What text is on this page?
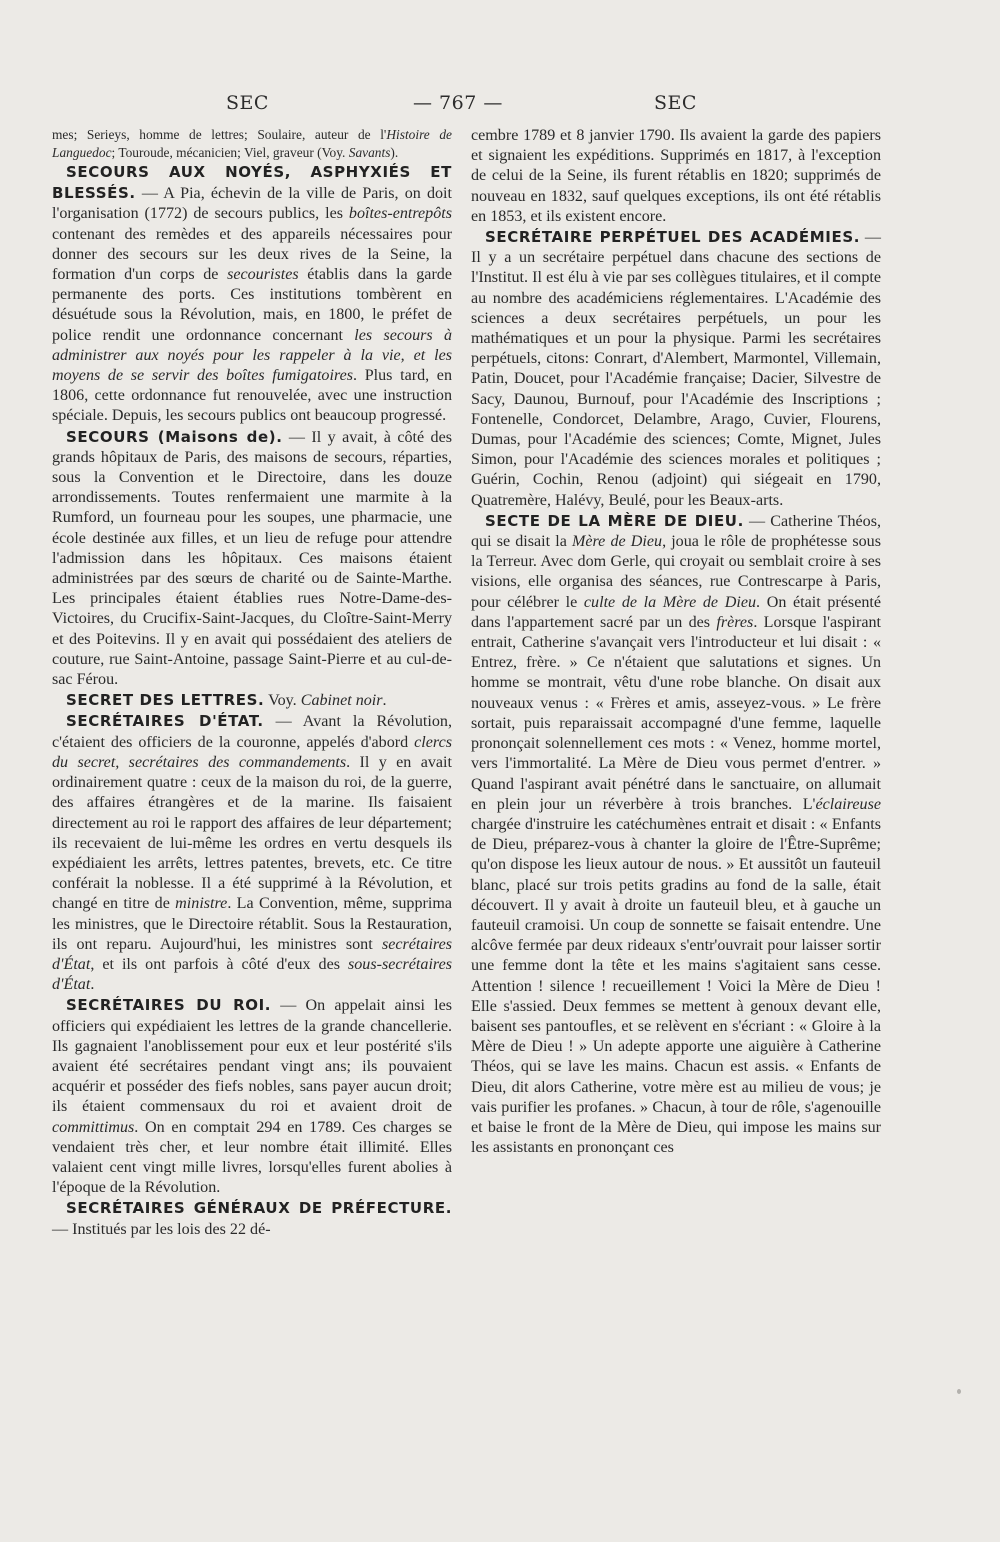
SEC	— 767 —	SEC

mes; Serieys, homme de lettres; Soulaire, auteur de l'Histoire de Languedoc; Touroude, mécanicien; Viel, graveur (Voy. Savants).

SECOURS AUX NOYÉS, ASPHYXIÉS ET BLESSÉS. — A Pia, échevin de la ville de Paris, on doit l'organisation (1772) de secours publics, les boîtes-entrepôts contenant des remèdes et des appareils nécessaires pour donner des secours sur les deux rives de la Seine, la formation d'un corps de secouristes établis dans la garde permanente des ports. Ces institutions tombèrent en désuétude sous la Révolution, mais, en 1800, le préfet de police rendit une ordonnance concernant les secours à administrer aux noyés pour les rappeler à la vie, et les moyens de se servir des boîtes fumigatoires. Plus tard, en 1806, cette ordonnance fut renouvelée, avec une instruction spéciale. Depuis, les secours publics ont beaucoup progressé.

SECOURS (Maisons de). — Il y avait, à côté des grands hôpitaux de Paris, des maisons de secours, réparties, sous la Convention et le Directoire, dans les douze arrondissements. Toutes renfermaient une marmite à la Rumford, un fourneau pour les soupes, une pharmacie, une école destinée aux filles, et un lieu de refuge pour attendre l'admission dans les hôpitaux. Ces maisons étaient administrées par des sœurs de charité ou de Sainte-Marthe. Les principales étaient établies rues Notre-Dame-des-Victoires, du Crucifix-Saint-Jacques, du Cloître-Saint-Merry et des Poitevins. Il y en avait qui possédaient des ateliers de couture, rue Saint-Antoine, passage Saint-Pierre et au cul-de-sac Férou.

SECRET DES LETTRES. Voy. Cabinet noir.

SECRÉTAIRES D'ÉTAT. — Avant la Révolution, c'étaient des officiers de la couronne, appelés d'abord clercs du secret, secrétaires des commandements. Il y en avait ordinairement quatre : ceux de la maison du roi, de la guerre, des affaires étrangères et de la marine. Ils faisaient directement au roi le rapport des affaires de leur département; ils recevaient de lui-même les ordres en vertu desquels ils expédiaient les arrêts, lettres patentes, brevets, etc. Ce titre conférait la noblesse. Il a été supprimé à la Révolution, et changé en titre de ministre. La Convention, même, supprima les ministres, que le Directoire rétablit. Sous la Restauration, ils ont reparu. Aujourd'hui, les ministres sont secrétaires d'État, et ils ont parfois à côté d'eux des sous-secrétaires d'État.

SECRÉTAIRES DU ROI. — On appelait ainsi les officiers qui expédiaient les lettres de la grande chancellerie. Ils gagnaient l'anoblissement pour eux et leur postérité s'ils avaient été secrétaires pendant vingt ans; ils pouvaient acquérir et posséder des fiefs nobles, sans payer aucun droit; ils étaient commensaux du roi et avaient droit de committimus. On en comptait 294 en 1789. Ces charges se vendaient très cher, et leur nombre était illimité. Elles valaient cent vingt mille livres, lorsqu'elles furent abolies à l'époque de la Révolution.

SECRÉTAIRES GÉNÉRAUX DE PRÉFECTURE. — Institués par les lois des 22 dé-

cembre 1789 et 8 janvier 1790. Ils avaient la garde des papiers et signaient les expéditions. Supprimés en 1817, à l'exception de celui de la Seine, ils furent rétablis en 1820; supprimés de nouveau en 1832, sauf quelques exceptions, ils ont été rétablis en 1853, et ils existent encore.

SECRÉTAIRE PERPÉTUEL DES ACADÉMIES. — Il y a un secrétaire perpétuel dans chacune des sections de l'Institut. Il est élu à vie par ses collègues titulaires, et il compte au nombre des académiciens réglementaires. L'Académie des sciences a deux secrétaires perpétuels, un pour les mathématiques et un pour la physique. Parmi les secrétaires perpétuels, citons: Conrart, d'Alembert, Marmontel, Villemain, Patin, Doucet, pour l'Académie française; Dacier, Silvestre de Sacy, Daunou, Burnouf, pour l'Académie des Inscriptions ; Fontenelle, Condorcet, Delambre, Arago, Cuvier, Flourens, Dumas, pour l'Académie des sciences; Comte, Mignet, Jules Simon, pour l'Académie des sciences morales et politiques ; Guérin, Cochin, Renou (adjoint) qui siégeait en 1790, Quatremère, Halévy, Beulé, pour les Beaux-arts.

SECTE DE LA MÈRE DE DIEU. — Catherine Théos, qui se disait la Mère de Dieu, joua le rôle de prophétesse sous la Terreur. Avec dom Gerle, qui croyait ou semblait croire à ses visions, elle organisa des séances, rue Contrescarpe à Paris, pour célébrer le culte de la Mère de Dieu. On était présenté dans l'appartement sacré par un des frères. Lorsque l'aspirant entrait, Catherine s'avançait vers l'introducteur et lui disait : « Entrez, frère. » Ce n'étaient que salutations et signes. Un homme se montrait, vêtu d'une robe blanche. On disait aux nouveaux venus : « Frères et amis, asseyez-vous. » Le frère sortait, puis reparaissait accompagné d'une femme, laquelle prononçait solennellement ces mots : « Venez, homme mortel, vers l'immortalité. La Mère de Dieu vous permet d'entrer. » Quand l'aspirant avait pénétré dans le sanctuaire, on allumait en plein jour un réverbère à trois branches. L'éclaireuse chargée d'instruire les catéchumènes entrait et disait : « Enfants de Dieu, préparez-vous à chanter la gloire de l'Être-Suprême; qu'on dispose les lieux autour de nous. » Et aussitôt un fauteuil blanc, placé sur trois petits gradins au fond de la salle, était découvert. Il y avait à droite un fauteuil bleu, et à gauche un fauteuil cramoisi. Un coup de sonnette se faisait entendre. Une alcôve fermée par deux rideaux s'entr'ouvrait pour laisser sortir une femme dont la tête et les mains s'agitaient sans cesse. Attention ! silence ! recueillement ! Voici la Mère de Dieu ! Elle s'assied. Deux femmes se mettent à genoux devant elle, baisent ses pantoufles, et se relèvent en s'écriant : « Gloire à la Mère de Dieu ! » Un adepte apporte une aiguière à Catherine Théos, qui se lave les mains. Chacun est assis. « Enfants de Dieu, dit alors Catherine, votre mère est au milieu de vous; je vais purifier les profanes. » Chacun, à tour de rôle, s'agenouille et baise le front de la Mère de Dieu, qui impose les mains sur les assistants en prononçant ces
